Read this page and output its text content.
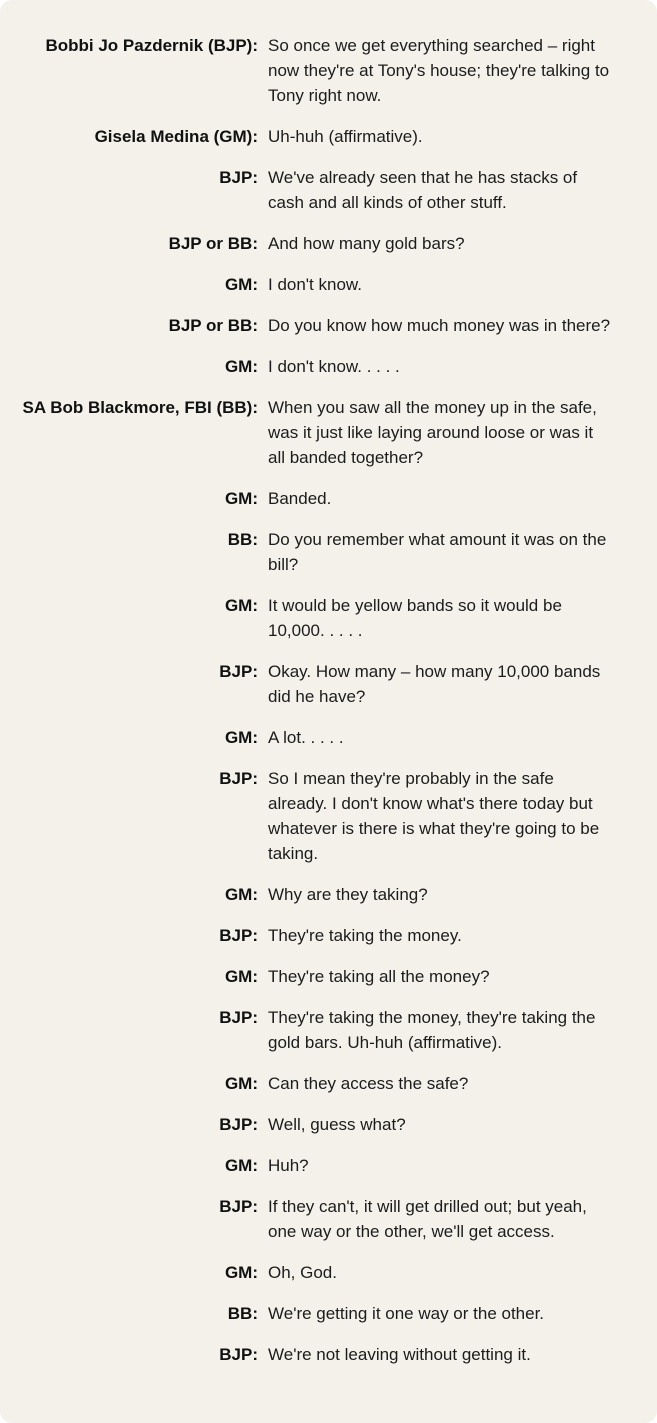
Bobbi Jo Pazdernik (BJP): So once we get everything searched – right now they're at Tony's house; they're talking to Tony right now.
Gisela Medina (GM): Uh-huh (affirmative).
BJP: We've already seen that he has stacks of cash and all kinds of other stuff.
BJP or BB: And how many gold bars?
GM: I don't know.
BJP or BB: Do you know how much money was in there?
GM: I don't know. . . . .
SA Bob Blackmore, FBI (BB): When you saw all the money up in the safe, was it just like laying around loose or was it all banded together?
GM: Banded.
BB: Do you remember what amount it was on the bill?
GM: It would be yellow bands so it would be 10,000. . . . .
BJP: Okay. How many – how many 10,000 bands did he have?
GM: A lot. . . . .
BJP: So I mean they're probably in the safe already. I don't know what's there today but whatever is there is what they're going to be taking.
GM: Why are they taking?
BJP: They're taking the money.
GM: They're taking all the money?
BJP: They're taking the money, they're taking the gold bars. Uh-huh (affirmative).
GM: Can they access the safe?
BJP: Well, guess what?
GM: Huh?
BJP: If they can't, it will get drilled out; but yeah, one way or the other, we'll get access.
GM: Oh, God.
BB: We're getting it one way or the other.
BJP: We're not leaving without getting it.
